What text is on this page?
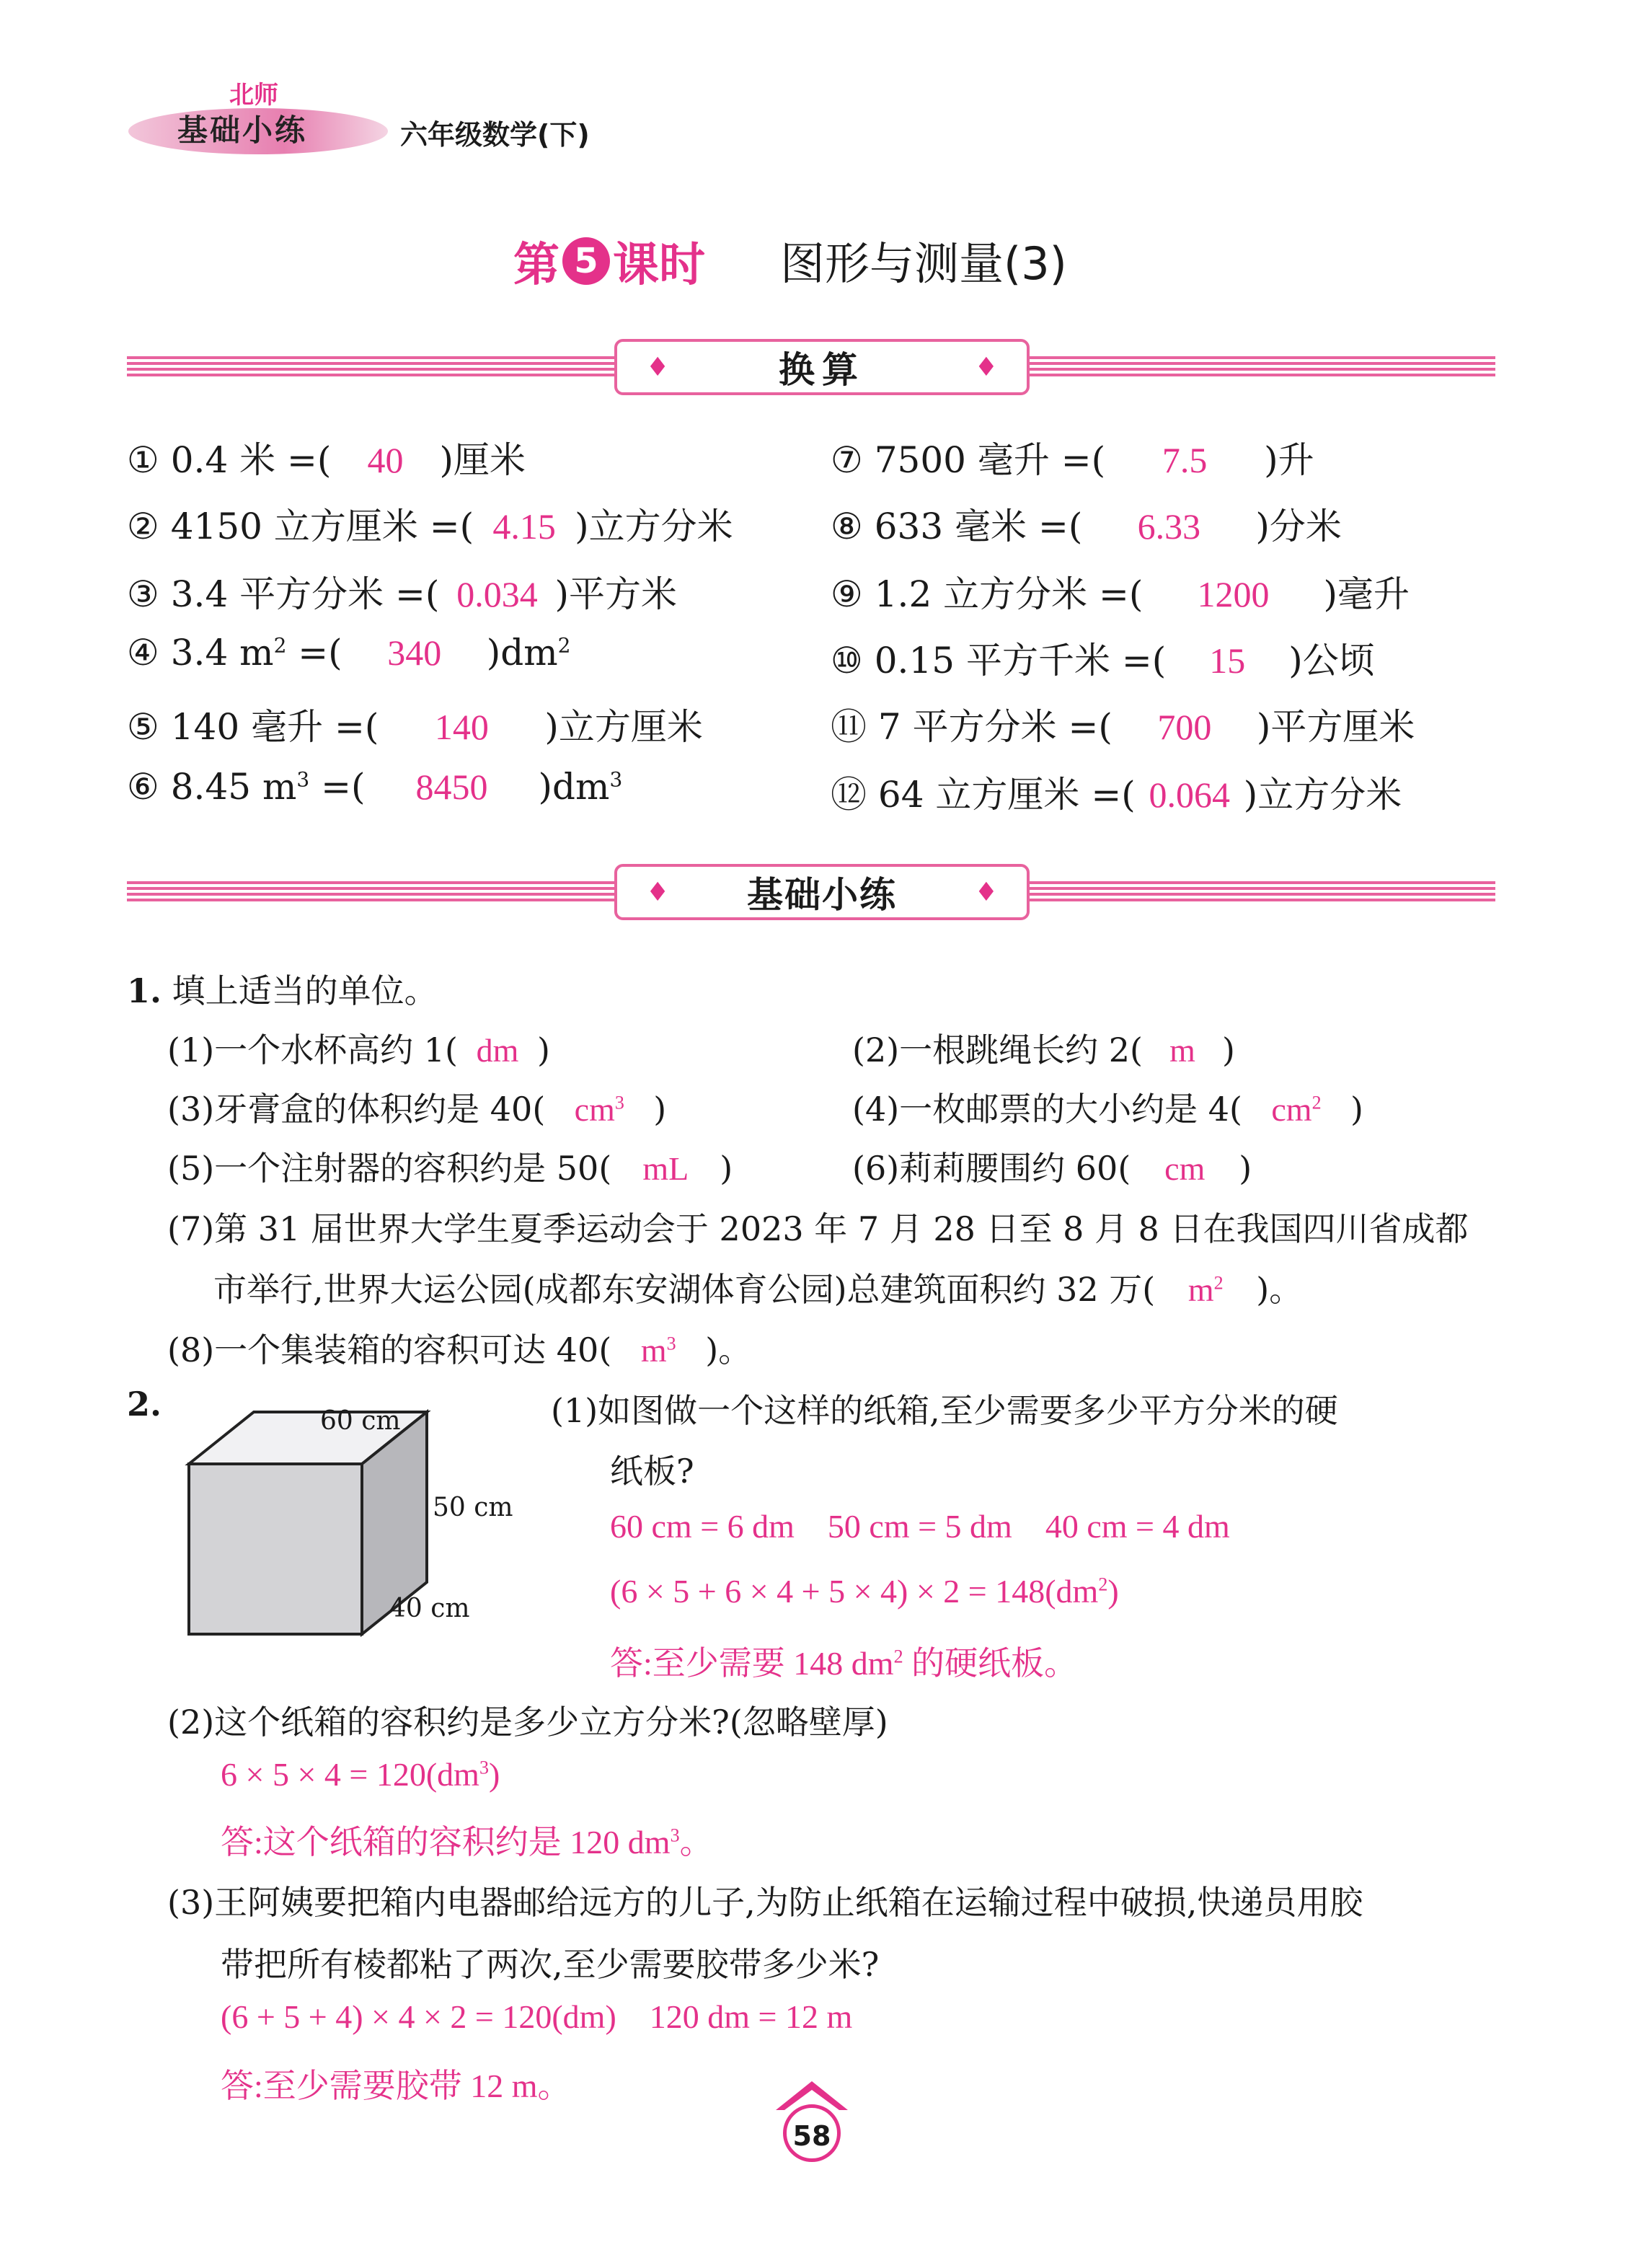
北师
基础小练	六年级数学(下)
第 5 课时 图形与测量(3)
♦	换算	♦
① 0.4 米 =( 40 )厘米
② 4150 立方厘米 =( 4.15 )立方分米
③ 3.4 平方分米 =( 0.034 )平方米
④ 3.4 $m^2$ =( 340 )$dm^2$
⑤ 140 毫升 =( 140 )立方厘米
⑥ 8.45 $m^3$ =( 8450 )$dm^3$
⑦ 7500 毫升 =( 7.5 )升
⑧ 633 毫米 =( 6.33 )分米
⑨ 1.2 立方分米 =( 1200 )毫升
⑩ 0.15 平方千米 =( 15 )公顷
⑪ 7 平方分米 =( 700 )平方厘米
⑫ 64 立方厘米 =( 0.064 )立方分米
♦ 基础小练	♦
1. 填上适当的单位。
(1)一个水杯高约 1( dm )	(2)一根跳绳长约 2( m )
(3)牙膏盒的体积约是 40( $cm^3$ )	(4)一枚邮票的大小约是 4( $cm^2$ )
(5)一个注射器的容积约是 50( mL )	(6)莉莉腰围约 60( cm )
(7)第 31 届世界大学生夏季运动会于 2023 年 7 月 28 日至 8 月 8 日在我国四川省成都
市举行,世界大运公园(成都东安湖体育公园)总建筑面积约 32 万( $m^2$ )。
(8)一个集装箱的容积可达 40( $m^3$ )。
2.	60 cm
50 cm
40 cm
(1)如图做一个这样的纸箱,至少需要多少平方分米的硬
纸板?
60 cm = 6 dm    50 cm = 5 dm    40 cm = 4 dm
$(6 \times 5 + 6 \times 4 + 5 \times 4) \times 2 = 148(dm^2)$
答:至少需要 148 $dm^2$ 的硬纸板。
(2)这个纸箱的容积约是多少立方分米?(忽略壁厚)
$6 \times 5 \times 4 = 120(dm^3)$
答:这个纸箱的容积约是 120 $dm^3$。
(3)王阿姨要把箱内电器邮给远方的儿子,为防止纸箱在运输过程中破损,快递员用胶
带把所有棱都粘了两次,至少需要胶带多少米?
(6 + 5 + 4) × 4 × 2 = 120(dm)    120 dm = 12 m
答:至少需要胶带 12 m。
58
